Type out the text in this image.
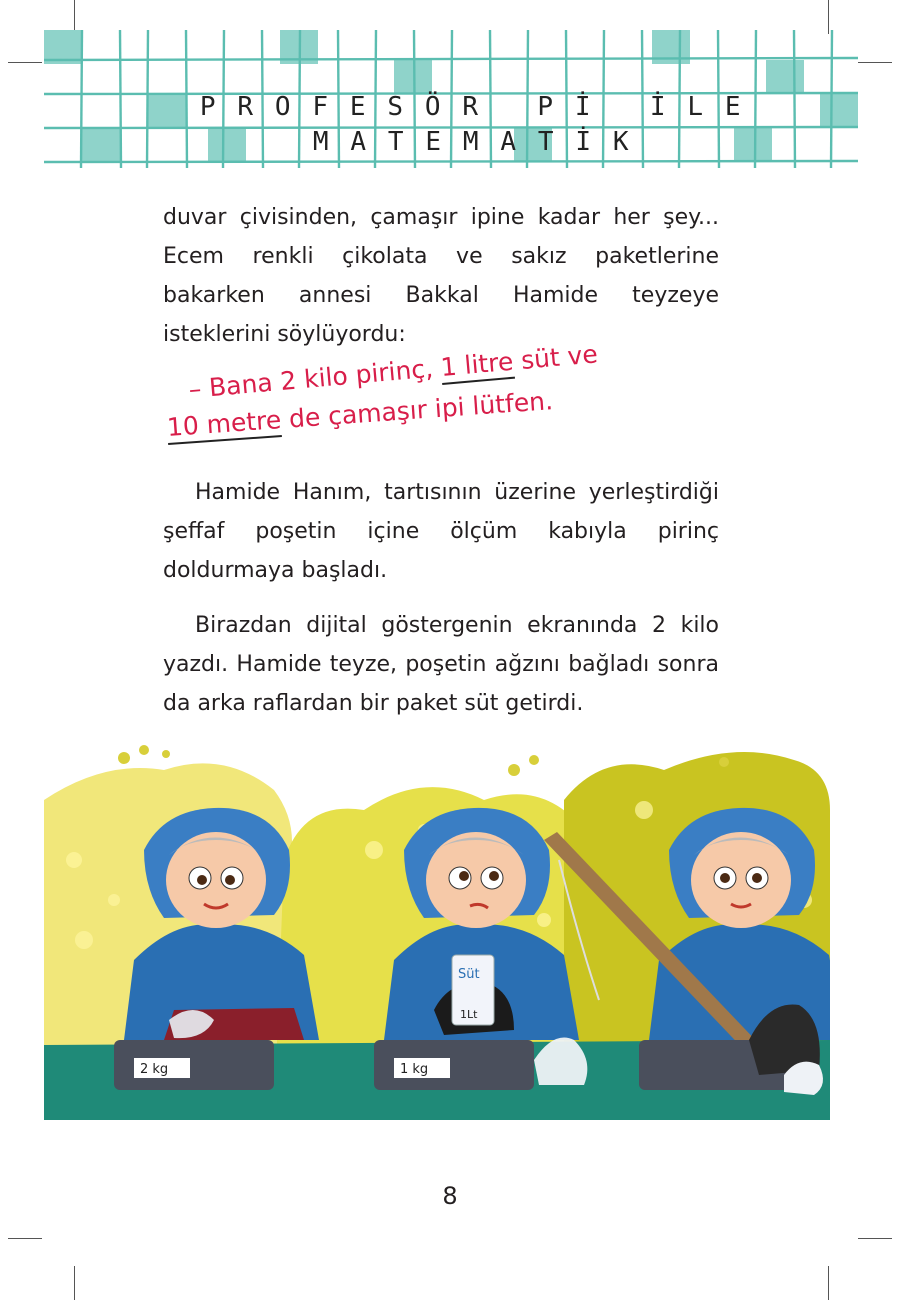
P R O F E S Ö R	P İ	İ L E
M A T E M A T İ K

duvar çivisinden, çamaşır ipine kadar her şey... Ecem renkli çikolata ve sakız paketlerine bakarken annesi Bakkal Hamide teyzeye isteklerini söylüyordu:

– Bana 2 kilo pirinç, 1 litre süt ve
10 metre de çamaşır ipi lütfen.

Hamide Hanım, tartısının üzerine yerleştirdiği şeffaf poşetin içine ölçüm kabıyla pirinç doldurmaya başladı.

Birazdan dijital göstergenin ekranında 2 kilo yazdı. Hamide teyze, poşetin ağzını bağladı sonra da arka raflardan bir paket süt getirdi.

2 kg
Süt
1Lt
1 kg
8
